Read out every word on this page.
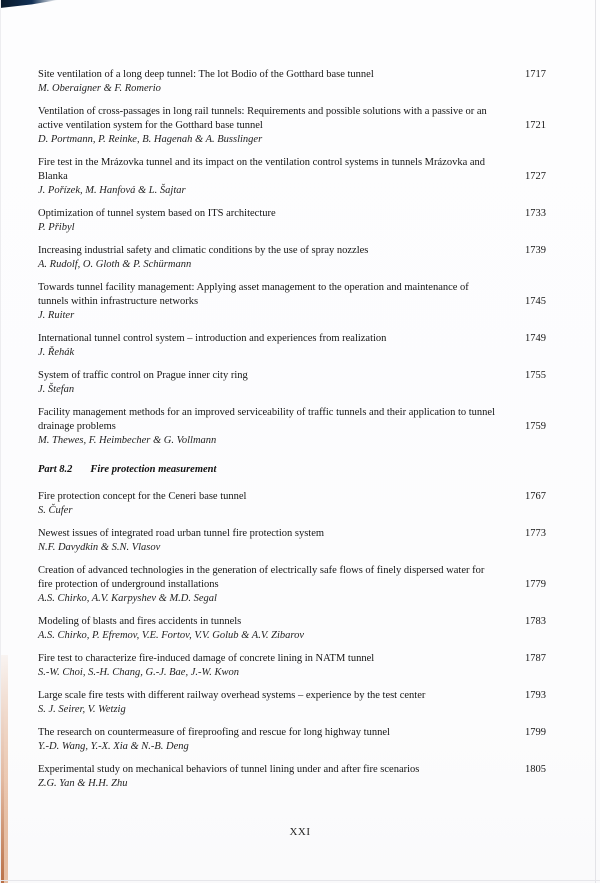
Site ventilation of a long deep tunnel: The lot Bodio of the Gotthard base tunnel	1717
M. Oberaigner & F. Romerio
Ventilation of cross-passages in long rail tunnels: Requirements and possible solutions with a passive or an active ventilation system for the Gotthard base tunnel	1721
D. Portmann, P. Reinke, B. Hagenah & A. Busslinger
Fire test in the Mrázovka tunnel and its impact on the ventilation control systems in tunnels Mrázovka and Blanka	1727
J. Pořízek, M. Hanfová & L. Šajtar
Optimization of tunnel system based on ITS architecture	1733
P. Přibyl
Increasing industrial safety and climatic conditions by the use of spray nozzles	1739
A. Rudolf, O. Gloth & P. Schürmann
Towards tunnel facility management: Applying asset management to the operation and maintenance of tunnels within infrastructure networks	1745
J. Ruiter
International tunnel control system – introduction and experiences from realization	1749
J. Řehák
System of traffic control on Prague inner city ring	1755
J. Štefan
Facility management methods for an improved serviceability of traffic tunnels and their application to tunnel drainage problems	1759
M. Thewes, F. Heimbecher & G. Vollmann
Part 8.2 Fire protection measurement
Fire protection concept for the Ceneri base tunnel	1767
S. Čufer
Newest issues of integrated road urban tunnel fire protection system	1773
N.F. Davydkin & S.N. Vlasov
Creation of advanced technologies in the generation of electrically safe flows of finely dispersed water for fire protection of underground installations	1779
A.S. Chirko, A.V. Karpyshev & M.D. Segal
Modeling of blasts and fires accidents in tunnels	1783
A.S. Chirko, P. Efremov, V.E. Fortov, V.V. Golub & A.V. Zibarov
Fire test to characterize fire-induced damage of concrete lining in NATM tunnel	1787
S.-W. Choi, S.-H. Chang, G.-J. Bae, J.-W. Kwon
Large scale fire tests with different railway overhead systems – experience by the test center	1793
S. J. Seirer, V. Wetzig
The research on countermeasure of fireproofing and rescue for long highway tunnel	1799
Y.-D. Wang, Y.-X. Xia & N.-B. Deng
Experimental study on mechanical behaviors of tunnel lining under and after fire scenarios	1805
Z.G. Yan & H.H. Zhu
XXI
